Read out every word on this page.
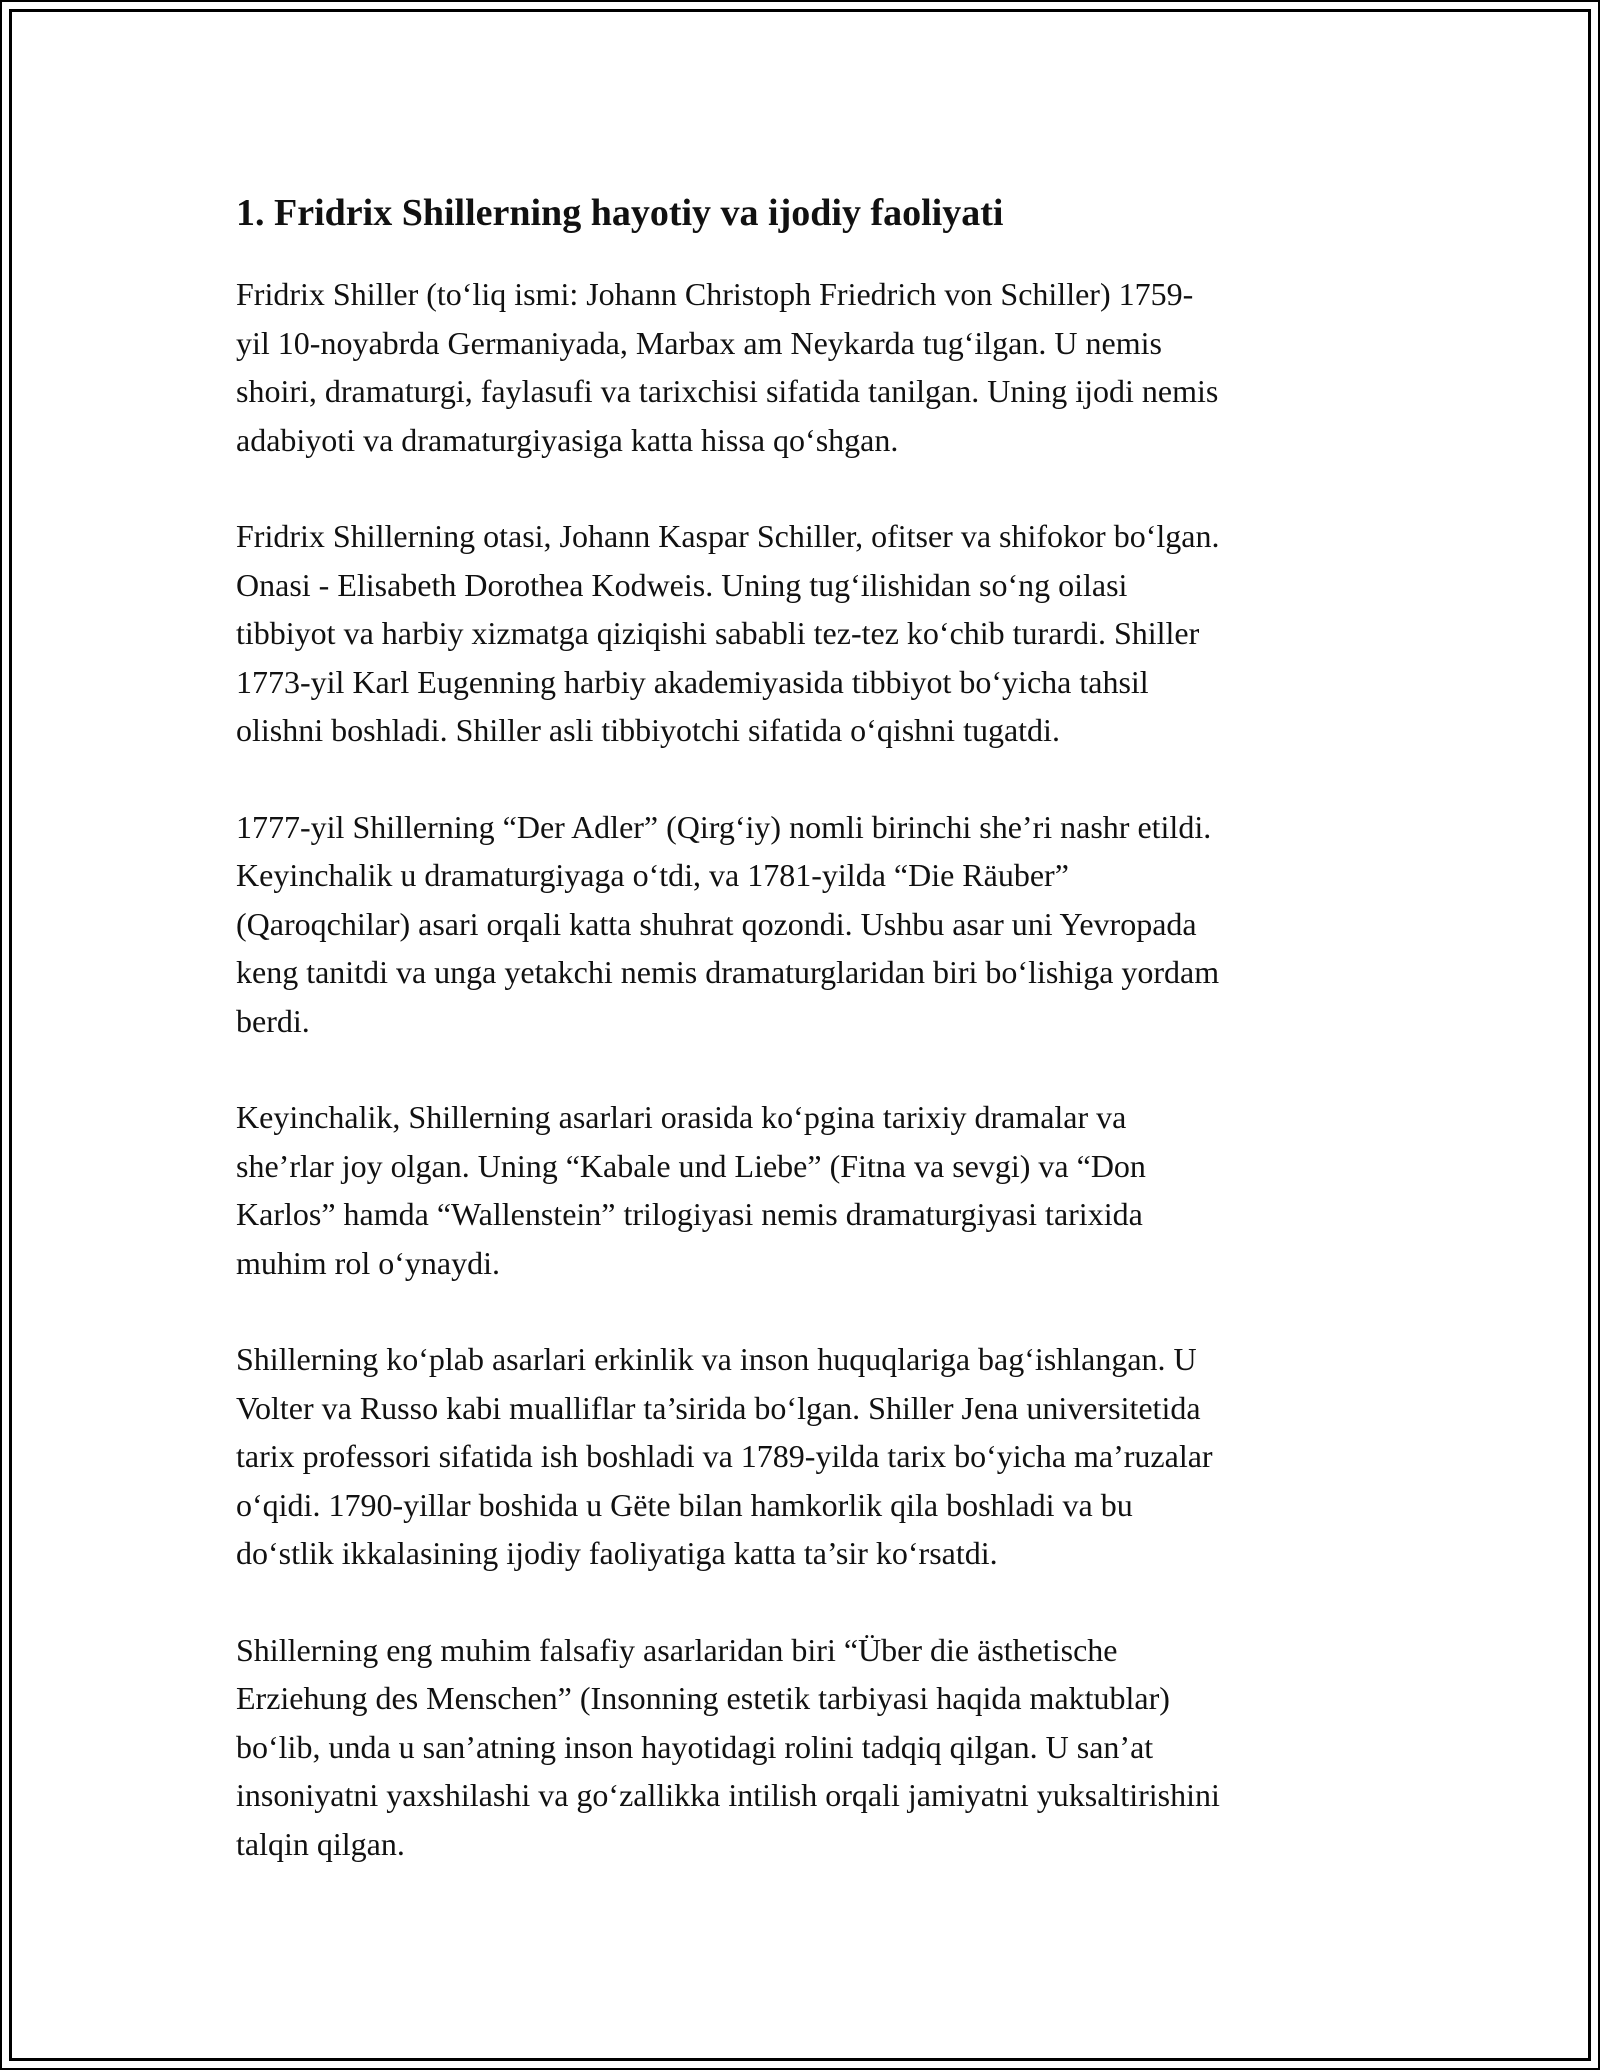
1. Fridrix Shillerning hayotiy va ijodiy faoliyati

Fridrix Shiller (to‘liq ismi: Johann Christoph Friedrich von Schiller) 1759-
yil 10-noyabrda Germaniyada, Marbax am Neykarda tug‘ilgan. U nemis
shoiri, dramaturgi, faylasufi va tarixchisi sifatida tanilgan. Uning ijodi nemis
adabiyoti va dramaturgiyasiga katta hissa qo‘shgan.

Fridrix Shillerning otasi, Johann Kaspar Schiller, ofitser va shifokor bo‘lgan.
Onasi - Elisabeth Dorothea Kodweis. Uning tug‘ilishidan so‘ng oilasi
tibbiyot va harbiy xizmatga qiziqishi sababli tez-tez ko‘chib turardi. Shiller
1773-yil Karl Eugenning harbiy akademiyasida tibbiyot bo‘yicha tahsil
olishni boshladi. Shiller asli tibbiyotchi sifatida o‘qishni tugatdi.

1777-yil Shillerning “Der Adler” (Qirg‘iy) nomli birinchi she’ri nashr etildi.
Keyinchalik u dramaturgiyaga o‘tdi, va 1781-yilda “Die Räuber”
(Qaroqchilar) asari orqali katta shuhrat qozondi. Ushbu asar uni Yevropada
keng tanitdi va unga yetakchi nemis dramaturglaridan biri bo‘lishiga yordam
berdi.

Keyinchalik, Shillerning asarlari orasida ko‘pgina tarixiy dramalar va
she’rlar joy olgan. Uning “Kabale und Liebe” (Fitna va sevgi) va “Don
Karlos” hamda “Wallenstein” trilogiyasi nemis dramaturgiyasi tarixida
muhim rol o‘ynaydi.

Shillerning ko‘plab asarlari erkinlik va inson huquqlariga bag‘ishlangan. U
Volter va Russo kabi mualliflar ta’sirida bo‘lgan. Shiller Jena universitetida
tarix professori sifatida ish boshladi va 1789-yilda tarix bo‘yicha ma’ruzalar
o‘qidi. 1790-yillar boshida u Gëte bilan hamkorlik qila boshladi va bu
do‘stlik ikkalasining ijodiy faoliyatiga katta ta’sir ko‘rsatdi.

Shillerning eng muhim falsafiy asarlaridan biri “Über die ästhetische
Erziehung des Menschen” (Insonning estetik tarbiyasi haqida maktublar)
bo‘lib, unda u san’atning inson hayotidagi rolini tadqiq qilgan. U san’at
insoniyatni yaxshilashi va go‘zallikka intilish orqali jamiyatni yuksaltirishini
talqin qilgan.
